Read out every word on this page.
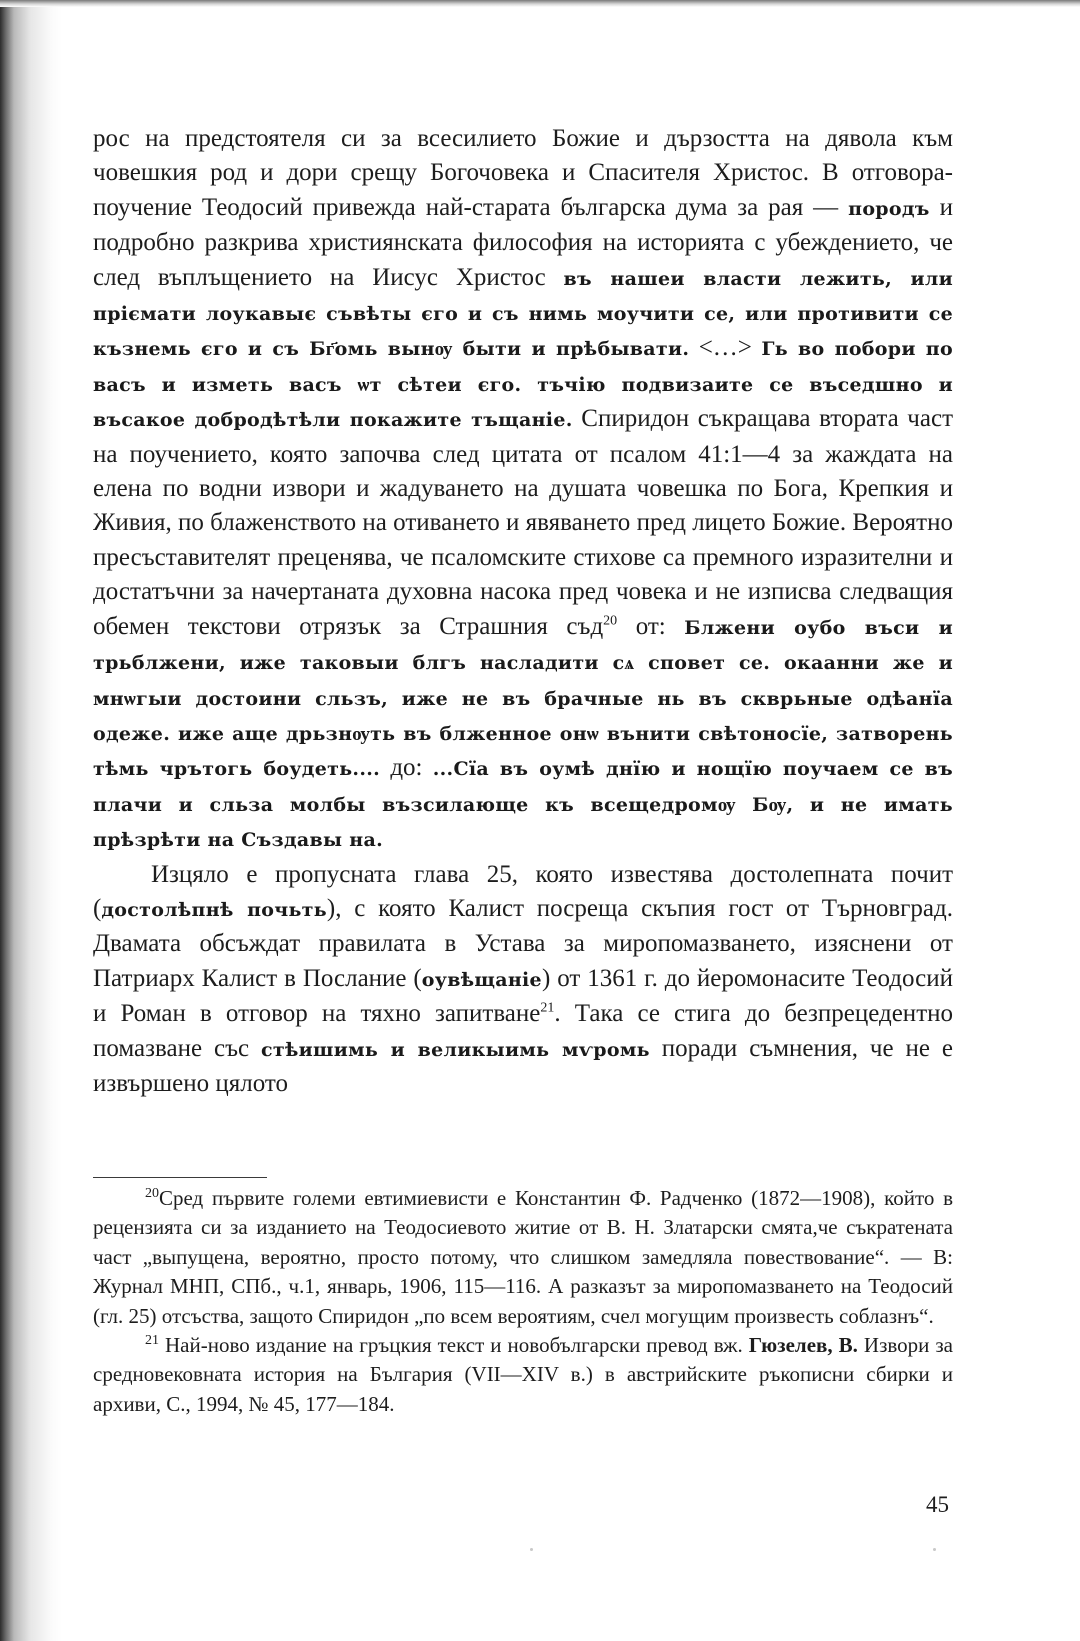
рос на предстоятеля си за всесилието Божие и дързостта на дявола към човешкия род и дори срещу Богочовека и Спасителя Христос. В отговора-поучение Теодосий привежда най-старата българска дума за рая — породъ и подробно разкрива християнската философия на историята с убеждението, че след въплъщението на Иисус Христос въ нашеи власти лежить, или пріємати лоукавыє съвѣты єго и съ нимь моучити се, или противити се къзнемь єго и съ Бг҃омь вынѹ быти и прѣбывати. <…> Гь во побори по васъ и изметь васъ ѡт сѣтеи єго. тъчію подвизаите се въседшно и въсакое добродѣтѣли покажите тъщаніе. Спиридон съкращава втората част на поучението, която започва след цитата от псалом 41:1—4 за жаждата на елена по водни извори и жадуването на душата човешка по Бога, Крепкия и Живия, по блаженството на отиването и явяването пред лицето Божие. Вероятно пресъставителят преценява, че псаломските стихове са премного изразителни и достатъчни за начертаната духовна насока пред човека и не изписва следващия обемен текстови отрязък за Страшния съд$^{20}$ от: Блжени оубо въси и трьблжени, иже таковыи блгъ насладити сѧ сповет се. окаанни же и мнѡгыи достоини сльзъ, иже не въ брачные нь въ скврьные одѣанїа одеже. иже аще дрьзнѹть въ блженное онѡ вънити свѣтоносїе, затворень тѣмь чрътогь боудеть.... до: ...Сїа въ оумѣ днїю и нощїю поучаем се въ плачи и сльза молбы възсилающе къ всещедромѹ Бѹ, и не имать прѣзрѣти на Създавы на.

Изцяло е пропусната глава 25, която известява достолепната почит (достолѣпнѣ почьть), с която Калист посреща скъпия гост от Търновград. Двамата обсъждат правилата в Устава за миропомазването, изяснени от Патриарх Калист в Послание (оувѣщаніе) от 1361 г. до йеромонасите Теодосий и Роман в отговор на тяхно запитване$^{21}$. Така се стига до безпрецедентно помазване със стѣишимь и великыимь мѵромь поради съмнения, че не е извършено цялото

$^{20}$Сред първите големи евтимиевисти е Константин Ф. Радченко (1872—1908), който в рецензията си за изданието на Теодосиевото житие от В. Н. Златарски смята,че съкратената част „выпущена, вероятно, просто потому, что слишком замедляла повествование“. — В: Журнал МНП, СПб., ч.1, январь, 1906, 115—116. А разказът за миропомазването на Теодосий (гл. 25) отсъства, защото Спиридон „по всем вероятиям, счел могущим произвесть соблазнъ“.

$^{21}$ Най-ново издание на гръцкия текст и новобългарски превод вж. Гюзелев, В. Извори за средновековната история на България (VII—XIV в.) в австрийските ръкописни сбирки и архиви, С., 1994, № 45, 177—184.

45
